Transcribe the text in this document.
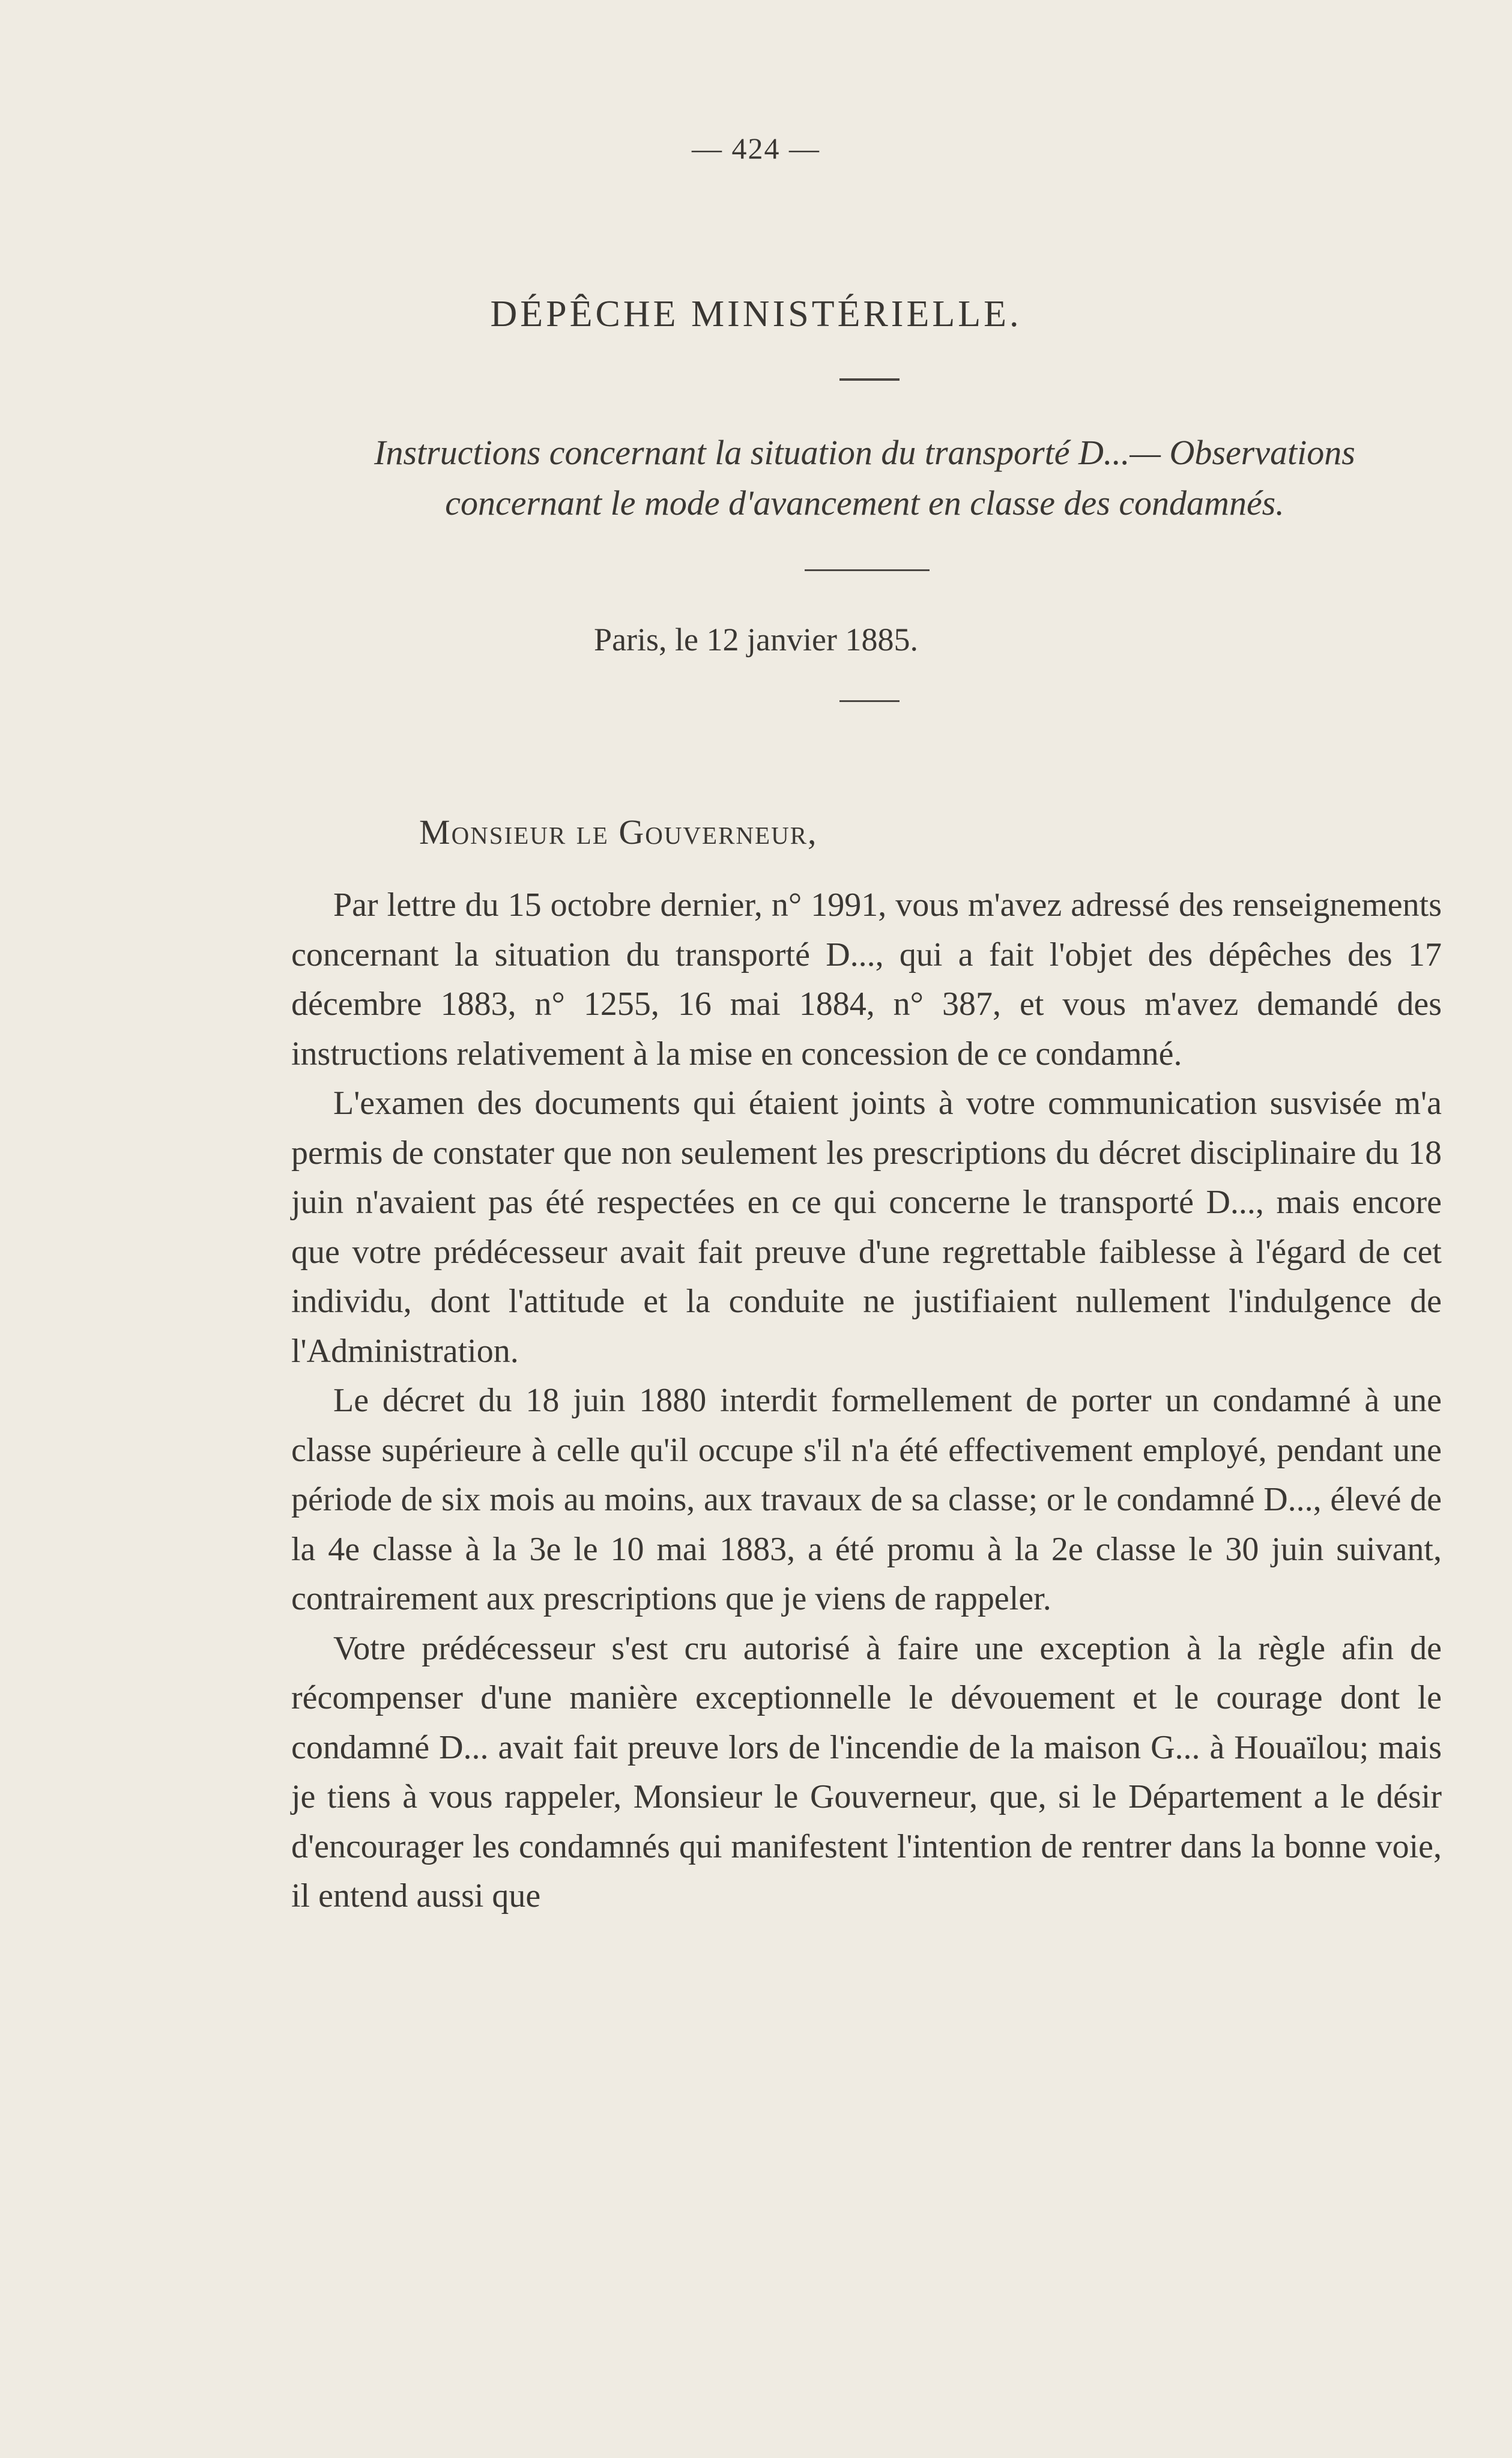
— 424 —
DÉPÊCHE MINISTÉRIELLE.
Instructions concernant la situation du transporté D...— Observations concernant le mode d'avancement en classe des condamnés.
Paris, le 12 janvier 1885.
Monsieur le Gouverneur,

Par lettre du 15 octobre dernier, n° 1991, vous m'avez adressé des renseignements concernant la situation du transporté D..., qui a fait l'objet des dépêches des 17 décembre 1883, n° 1255, 16 mai 1884, n° 387, et vous m'avez demandé des instructions relativement à la mise en concession de ce condamné.

L'examen des documents qui étaient joints à votre communication susvisée m'a permis de constater que non seulement les prescriptions du décret disciplinaire du 18 juin n'avaient pas été respectées en ce qui concerne le transporté D..., mais encore que votre prédécesseur avait fait preuve d'une regrettable faiblesse à l'égard de cet individu, dont l'attitude et la conduite ne justifiaient nullement l'indulgence de l'Administration.

Le décret du 18 juin 1880 interdit formellement de porter un condamné à une classe supérieure à celle qu'il occupe s'il n'a été effectivement employé, pendant une période de six mois au moins, aux travaux de sa classe; or le condamné D..., élevé de la 4e classe à la 3e le 10 mai 1883, a été promu à la 2e classe le 30 juin suivant, contrairement aux prescriptions que je viens de rappeler.

Votre prédécesseur s'est cru autorisé à faire une exception à la règle afin de récompenser d'une manière exceptionnelle le dévouement et le courage dont le condamné D... avait fait preuve lors de l'incendie de la maison G... à Houaïlou; mais je tiens à vous rappeler, Monsieur le Gouverneur, que, si le Département a le désir d'encourager les condamnés qui manifestent l'intention de rentrer dans la bonne voie, il entend aussi que
